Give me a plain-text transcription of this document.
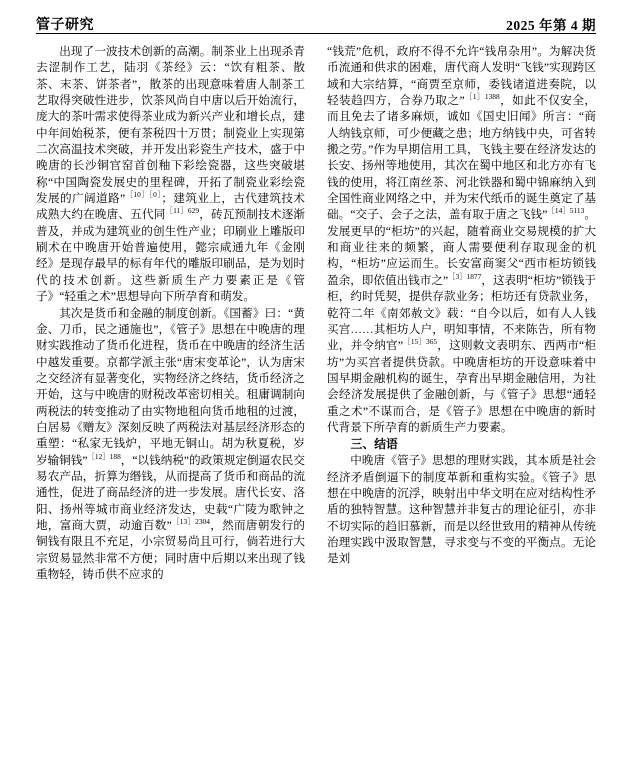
管子研究	2025 年第 4 期

出现了一波技术创新的高潮。制茶业上出现杀青去涩制作工艺，陆羽《茶经》云：“饮有粗茶、散茶、末茶、饼茶者”，散茶的出现意味着唐人制茶工艺取得突破性进步，饮茶风尚自中唐以后开始流行，庞大的茶叶需求使得茶业成为新兴产业和增长点，建中年间始税茶，便有茶税四十万贯；制瓷业上实现第二次高温技术突破，并开发出彩瓷生产技术，盛于中晚唐的长沙铜官窑首创釉下彩绘瓷器，这些突破堪称“中国陶瓷发展史的里程碑，开拓了制瓷业彩绘瓷发展的广阔道路”$^{[10][0]}$；建筑业上，古代建筑技术成熟大约在晚唐、五代同$^{[11]629}$，砖瓦预制技术逐渐普及，并成为建筑业的创生性产业；印刷业上雕版印刷术在中晚唐开始普遍使用，懿宗咸通九年《金刚经》是现存最早的标有年代的雕版印刷品，是为划时代的技术创新。这些新质生产力要素正是《管子》“轻重之术”思想导向下所孕育和萌发。

其次是货币和金融的制度创新。《国蓄》曰：“黄金、刀币，民之通施也”，《管子》思想在中晚唐的理财实践推动了货币化进程，货币在中晚唐的经济生活中越发重要。京都学派主张“唐宋变革论”，认为唐宋之交经济有显著变化，实物经济之终结，货币经济之开始，这与中晚唐的财税改革密切相关。租庸调制向两税法的转变推动了由实物地租向货币地租的过渡，白居易《赠友》深刻反映了两税法对基层经济形态的重塑：“私家无钱炉，平地无铜山。胡为秋夏税，岁岁输铜钱”$^{[12]188}$，“以钱纳税”的政策规定倒逼农民交易农产品，折算为缗钱，从而提高了货币和商品的流通性，促进了商品经济的进一步发展。唐代长安、洛阳、扬州等城市商业经济发达，史载“广陵为歌钟之地，富商大贾，动逾百数”$^{[13]2304}$，然而唐朝发行的铜钱有限且不充足，小宗贸易尚且可行，倘若进行大宗贸易显然非常不方便；同时唐中后期以来出现了钱重物轻，铸币供不应求的

“钱荒”危机，政府不得不允许“钱帛杂用”。为解决货币流通和供求的困难，唐代商人发明“飞钱”实现跨区域和大宗结算，“商贾至京师，委钱诸道进奏院，以轻装趋四方，合券乃取之”$^{[1]1388}$，如此不仅安全，而且免去了诸多麻烦，诚如《国史旧闻》所言：“商人纳钱京师，可少便藏之患；地方纳钱中央，可省转搬之劳。”作为早期信用工具，飞钱主要在经济发达的长安、扬州等地使用，其次在蜀中地区和北方亦有飞钱的使用，将江南丝茶、河北铁器和蜀中锦麻纳入到全国性商业网络之中，并为宋代纸币的诞生奠定了基础。“交子、会子之法，盖有取于唐之飞钱”$^{[14]5113}$。发展更早的“柜坊”的兴起，随着商业交易规模的扩大和商业往来的频繁，商人需要便利存取现金的机构，“柜坊”应运而生。长安富商窦父“西市柜坊锁钱盈余，即依值出钱市之”$^{[3]1877}$，这表明“柜坊”锁钱于柜，约时凭契，提供存款业务；柜坊还有贷款业务，乾符二年《南郊赦文》载：“自今以后，如有人人钱买宫……其柜坊人户，明知事情，不来陈告，所有物业，并令纳官”$^{[15]365}$，这则敕文表明东、西两市“柜坊”为买宫者提供贷款。中晚唐柜坊的开设意味着中国早期金融机构的诞生，孕育出早期金融信用，为社会经济发展提供了金融创新，与《管子》思想“通轻重之术”不谋而合，是《管子》思想在中晚唐的新时代背景下所孕育的新质生产力要素。

三、结语

中晚唐《管子》思想的理财实践，其本质是社会经济矛盾倒逼下的制度革新和重构实验。《管子》思想在中晚唐的沉浮，映射出中华文明在应对结构性矛盾的独特智慧。这种智慧并非复古的理论征引，亦非不切实际的趋旧慕新，而是以经世致用的精神从传统治理实践中汲取智慧，寻求变与不变的平衡点。无论是刘
